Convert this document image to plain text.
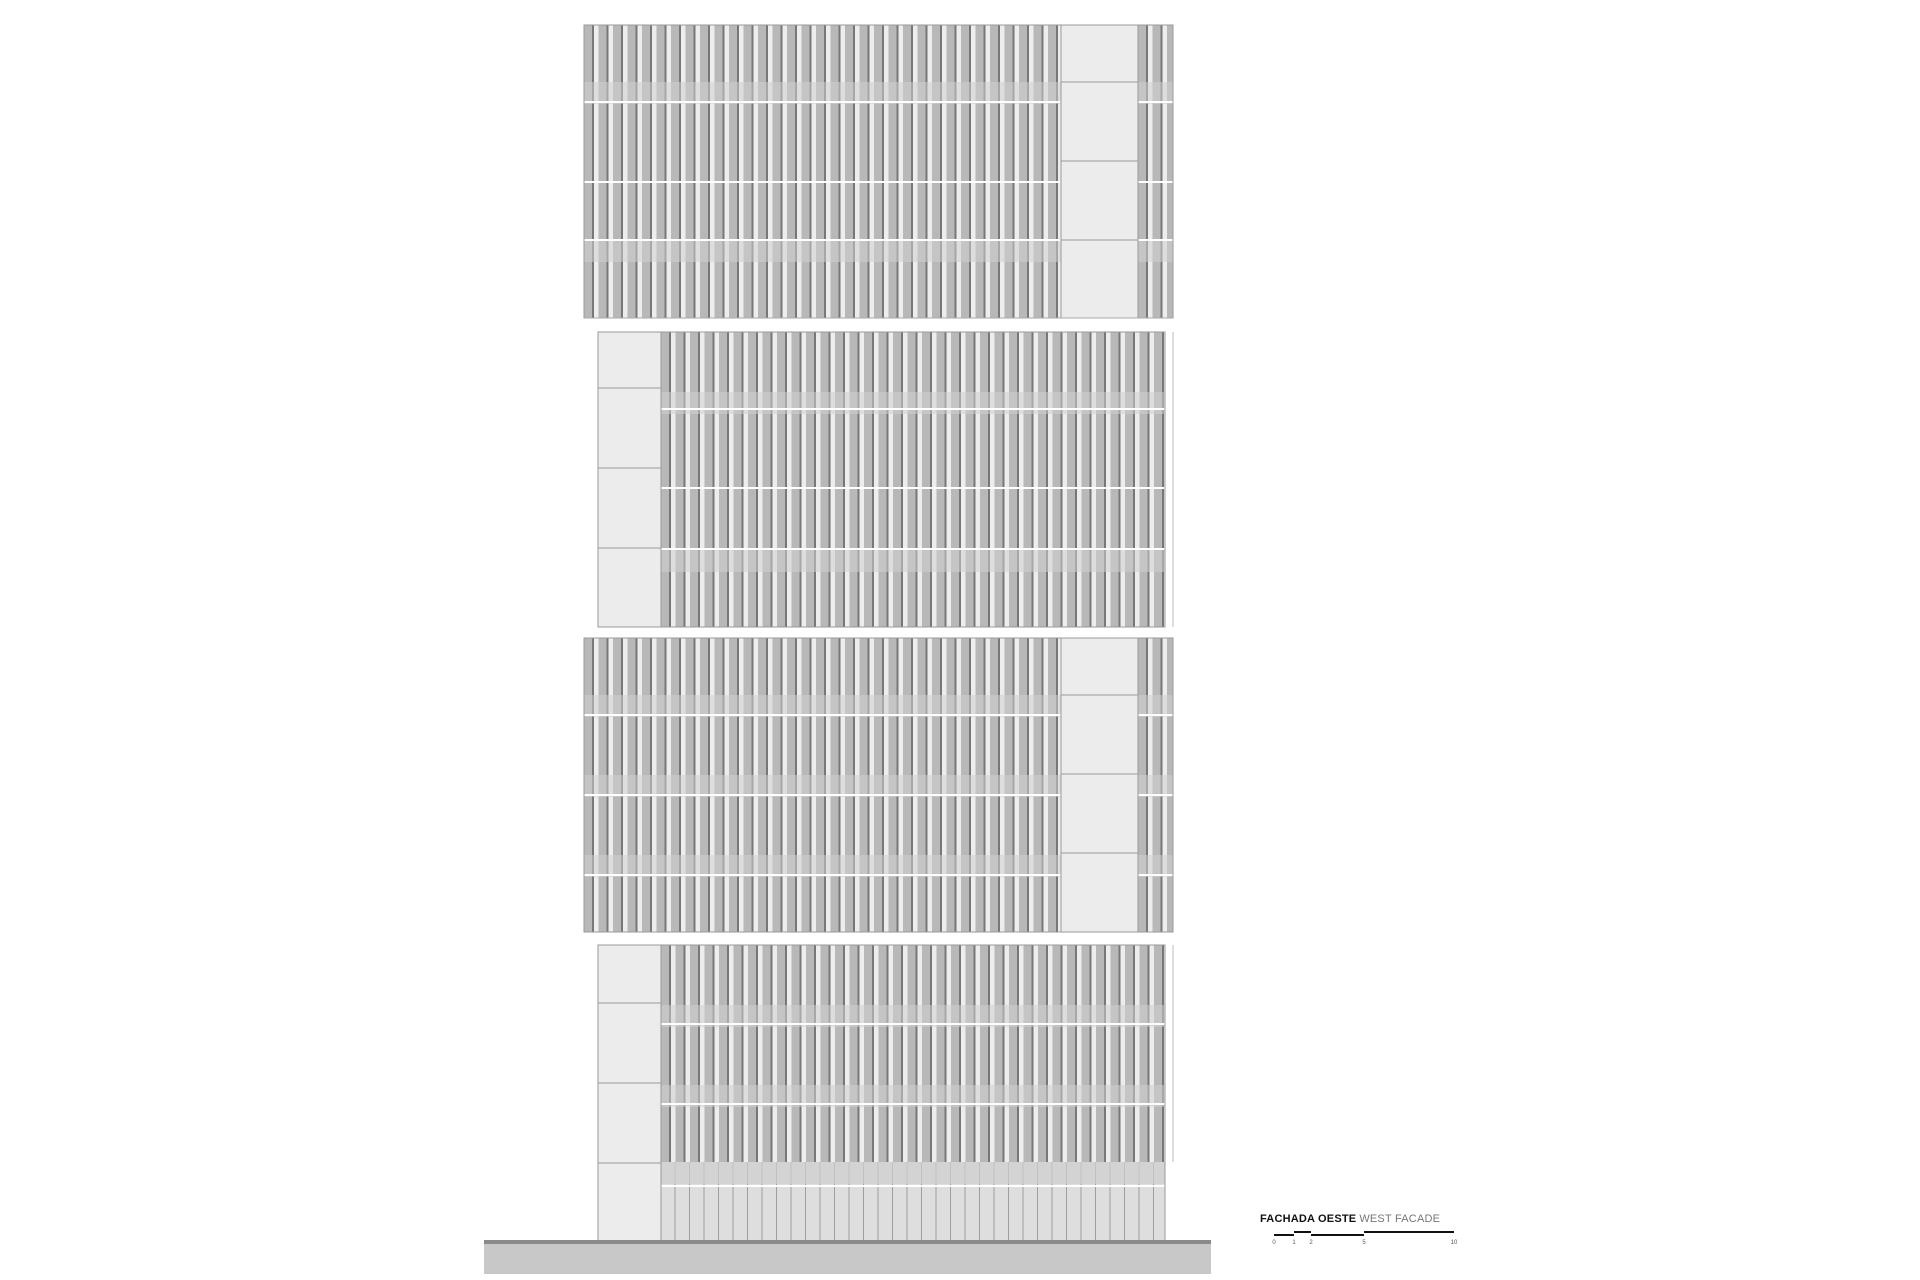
FACHADA OESTE WEST FACADE
0	1 2	5	10
